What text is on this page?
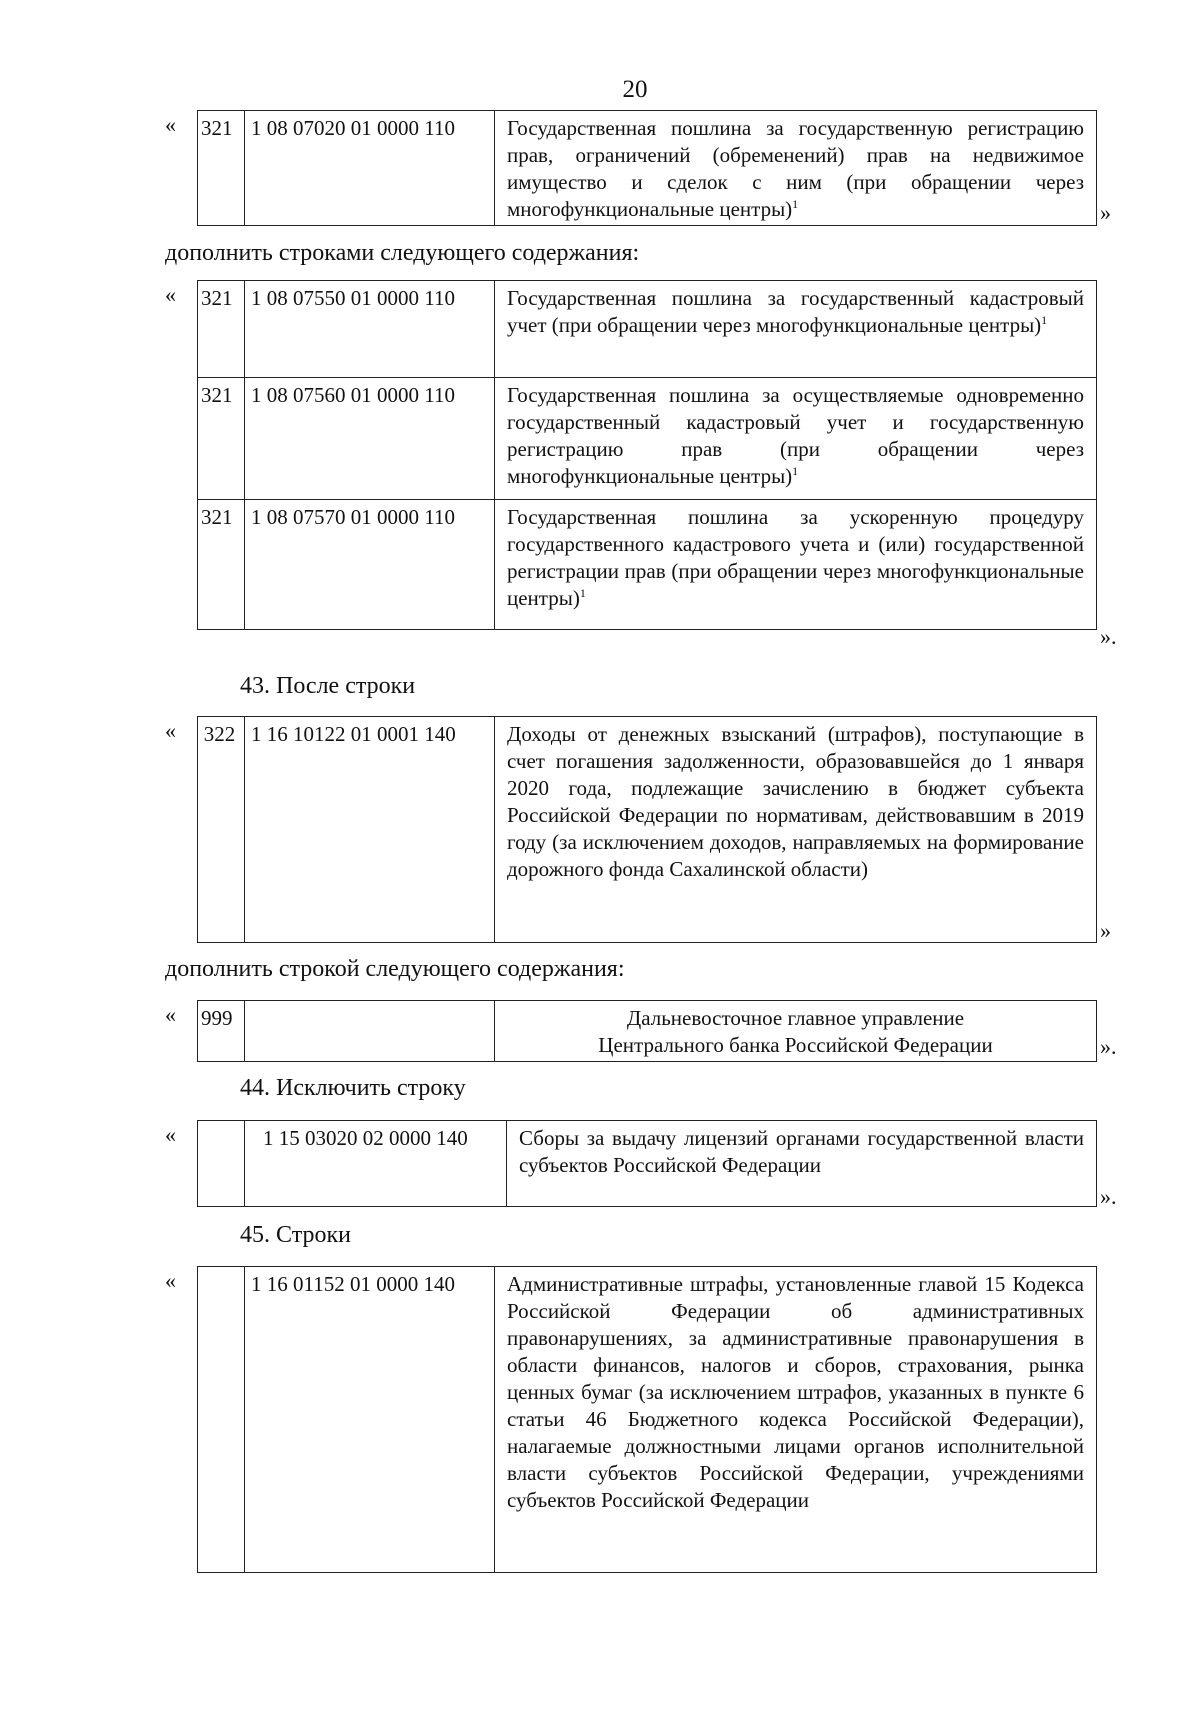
20
« 321	1 08 07020 01 0000 110	Государственная пошлина за государственную регистрацию прав, ограничений (обременений) прав на недвижимое имущество и сделок с ним (при обращении через многофункциональные центры)$^1$	»
дополнить строками следующего содержания:
« 321	1 08 07550 01 0000 110	Государственная пошлина за государственный кадастровый учет (при обращении через многофункциональные центры)$^1$
321	1 08 07560 01 0000 110	Государственная пошлина за осуществляемые одновременно государственный кадастровый учет и государственную регистрацию прав (при обращении через многофункциональные центры)$^1$
321	1 08 07570 01 0000 110	Государственная пошлина за ускоренную процедуру государственного кадастрового учета и (или) государственной регистрации прав (при обращении через многофункциональные центры)$^1$
».
43. После строки
« 322	1 16 10122 01 0001 140	Доходы от денежных взысканий (штрафов), поступающие в счет погашения задолженности, образовавшейся до 1 января 2020 года, подлежащие зачислению в бюджет субъекта Российской Федерации по нормативам, действовавшим в 2019 году (за исключением доходов, направляемых на формирование дорожного фонда Сахалинской области)
»
дополнить строкой следующего содержания:
« 999		Дальневосточное главное управление
Центрального банка Российской Федерации	».
44. Исключить строку
«
		1 15 03020 02 0000 140	Сборы за выдачу лицензий органами государственной власти субъектов Российской Федерации
».
45. Строки
«
		1 16 01152 01 0000 140	Административные штрафы, установленные главой 15 Кодекса Российской Федерации об административных правонарушениях, за административные правонарушения в области финансов, налогов и сборов, страхования, рынка ценных бумаг (за исключением штрафов, указанных в пункте 6 статьи 46 Бюджетного кодекса Российской Федерации), налагаемые должностными лицами органов исполнительной власти субъектов Российской Федерации, учреждениями субъектов Российской Федерации
